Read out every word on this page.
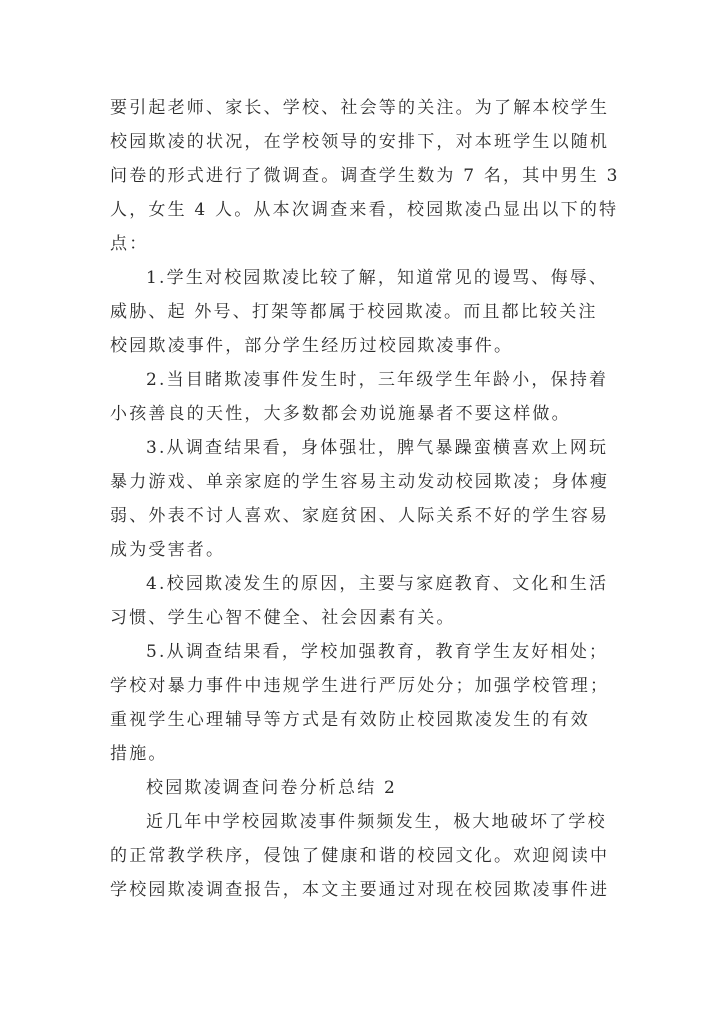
要引起老师、家长、学校、社会等的关注。为了解本校学生
校园欺凌的状况，在学校领导的安排下，对本班学生以随机
问卷的形式进行了微调查。调查学生数为 7 名，其中男生 3
人，女生 4 人。从本次调查来看，校园欺凌凸显出以下的特
点：
1.学生对校园欺凌比较了解，知道常见的谩骂、侮辱、
威胁、起 外号、打架等都属于校园欺凌。而且都比较关注
校园欺凌事件，部分学生经历过校园欺凌事件。
2.当目睹欺凌事件发生时，三年级学生年龄小，保持着
小孩善良的天性，大多数都会劝说施暴者不要这样做。
3.从调查结果看，身体强壮，脾气暴躁蛮横喜欢上网玩
暴力游戏、单亲家庭的学生容易主动发动校园欺凌；身体瘦
弱、外表不讨人喜欢、家庭贫困、人际关系不好的学生容易
成为受害者。
4.校园欺凌发生的原因，主要与家庭教育、文化和生活
习惯、学生心智不健全、社会因素有关。
5.从调查结果看，学校加强教育，教育学生友好相处；
学校对暴力事件中违规学生进行严厉处分；加强学校管理；
重视学生心理辅导等方式是有效防止校园欺凌发生的有效
措施。
校园欺凌调查问卷分析总结 2
近几年中学校园欺凌事件频频发生，极大地破坏了学校
的正常教学秩序，侵蚀了健康和谐的校园文化。欢迎阅读中
学校园欺凌调查报告，本文主要通过对现在校园欺凌事件进
